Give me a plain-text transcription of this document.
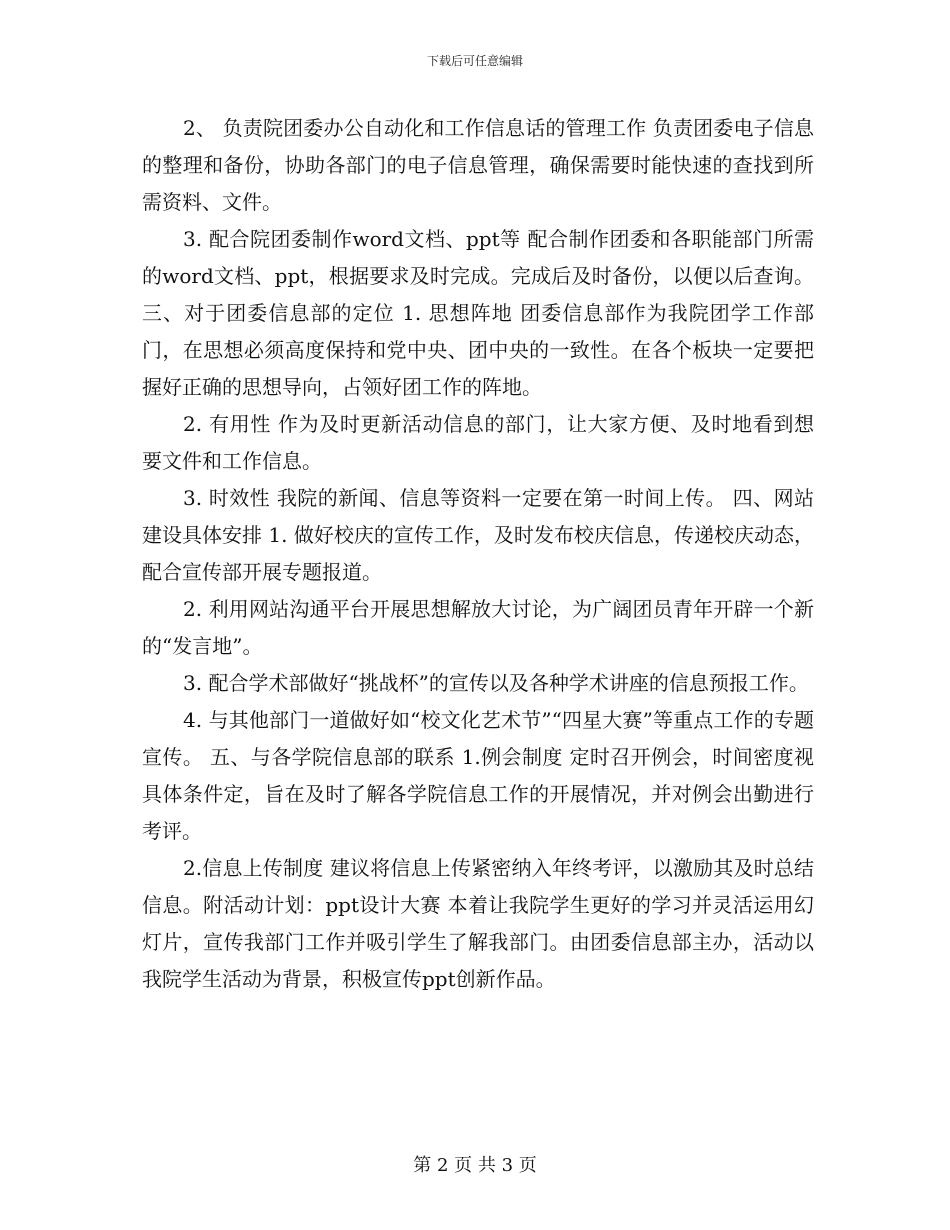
下载后可任意编辑

2、 负责院团委办公自动化和工作信息话的管理工作 负责团委电子信息的整理和备份，协助各部门的电子信息管理，确保需要时能快速的查找到所需资料、文件。

3. 配合院团委制作word文档、ppt等 配合制作团委和各职能部门所需的word文档、ppt，根据要求及时完成。完成后及时备份，以便以后查询。 三、对于团委信息部的定位 1. 思想阵地 团委信息部作为我院团学工作部门，在思想必须高度保持和党中央、团中央的一致性。在各个板块一定要把握好正确的思想导向，占领好团工作的阵地。

2. 有用性 作为及时更新活动信息的部门，让大家方便、及时地看到想要文件和工作信息。

3. 时效性 我院的新闻、信息等资料一定要在第一时间上传。 四、网站建设具体安排 1. 做好校庆的宣传工作，及时发布校庆信息，传递校庆动态，配合宣传部开展专题报道。

2. 利用网站沟通平台开展思想解放大讨论，为广阔团员青年开辟一个新的“发言地”。

3. 配合学术部做好“挑战杯”的宣传以及各种学术讲座的信息预报工作。

4. 与其他部门一道做好如“校文化艺术节”“四星大赛”等重点工作的专题宣传。 五、与各学院信息部的联系 1.例会制度 定时召开例会，时间密度视具体条件定，旨在及时了解各学院信息工作的开展情况，并对例会出勤进行考评。

2.信息上传制度 建议将信息上传紧密纳入年终考评，以激励其及时总结信息。附活动计划：ppt设计大赛 本着让我院学生更好的学习并灵活运用幻灯片，宣传我部门工作并吸引学生了解我部门。由团委信息部主办，活动以我院学生活动为背景，积极宣传ppt创新作品。

第 2 页 共 3 页
